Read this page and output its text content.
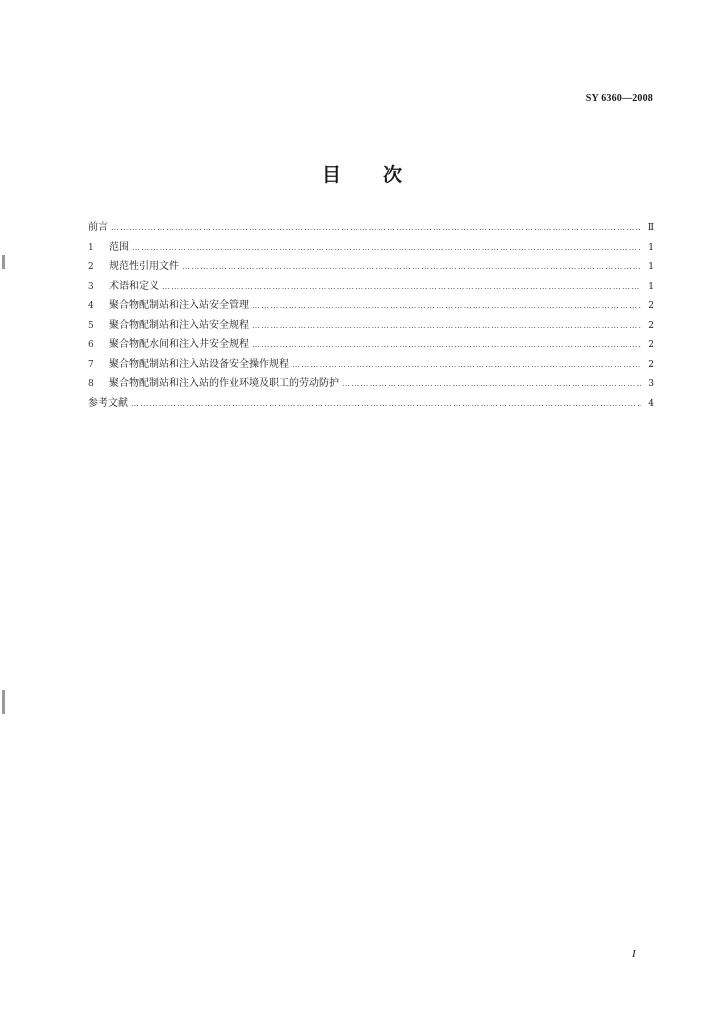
SY 6360—2008
目 次
前言 ……………………………………………………………………………………………………………………………………………………………………………………………………………………	Ⅱ
1	范围 ……………………………………………………………………………………………………………………………………………………………………………………………………………………	1
2	规范性引用文件 ……………………………………………………………………………………………………………………………………………………………………………………………………………………	1
3	术语和定义 ……………………………………………………………………………………………………………………………………………………………………………………………………………………	1
4	聚合物配制站和注入站安全管理 ……………………………………………………………………………………………………………………………………………………………………………………………………………………	2
5	聚合物配制站和注入站安全规程 ……………………………………………………………………………………………………………………………………………………………………………………………………………………	2
6	聚合物配水间和注入井安全规程 ……………………………………………………………………………………………………………………………………………………………………………………………………………………	2
7	聚合物配制站和注入站设备安全操作规程 ……………………………………………………………………………………………………………………………………………………………………………………………………………………	2
8	聚合物配制站和注入站的作业环境及职工的劳动防护 ……………………………………………………………………………………………………………………………………………………………………………………………………………………	3
参考文献 ……………………………………………………………………………………………………………………………………………………………………………………………………………………	4
I
